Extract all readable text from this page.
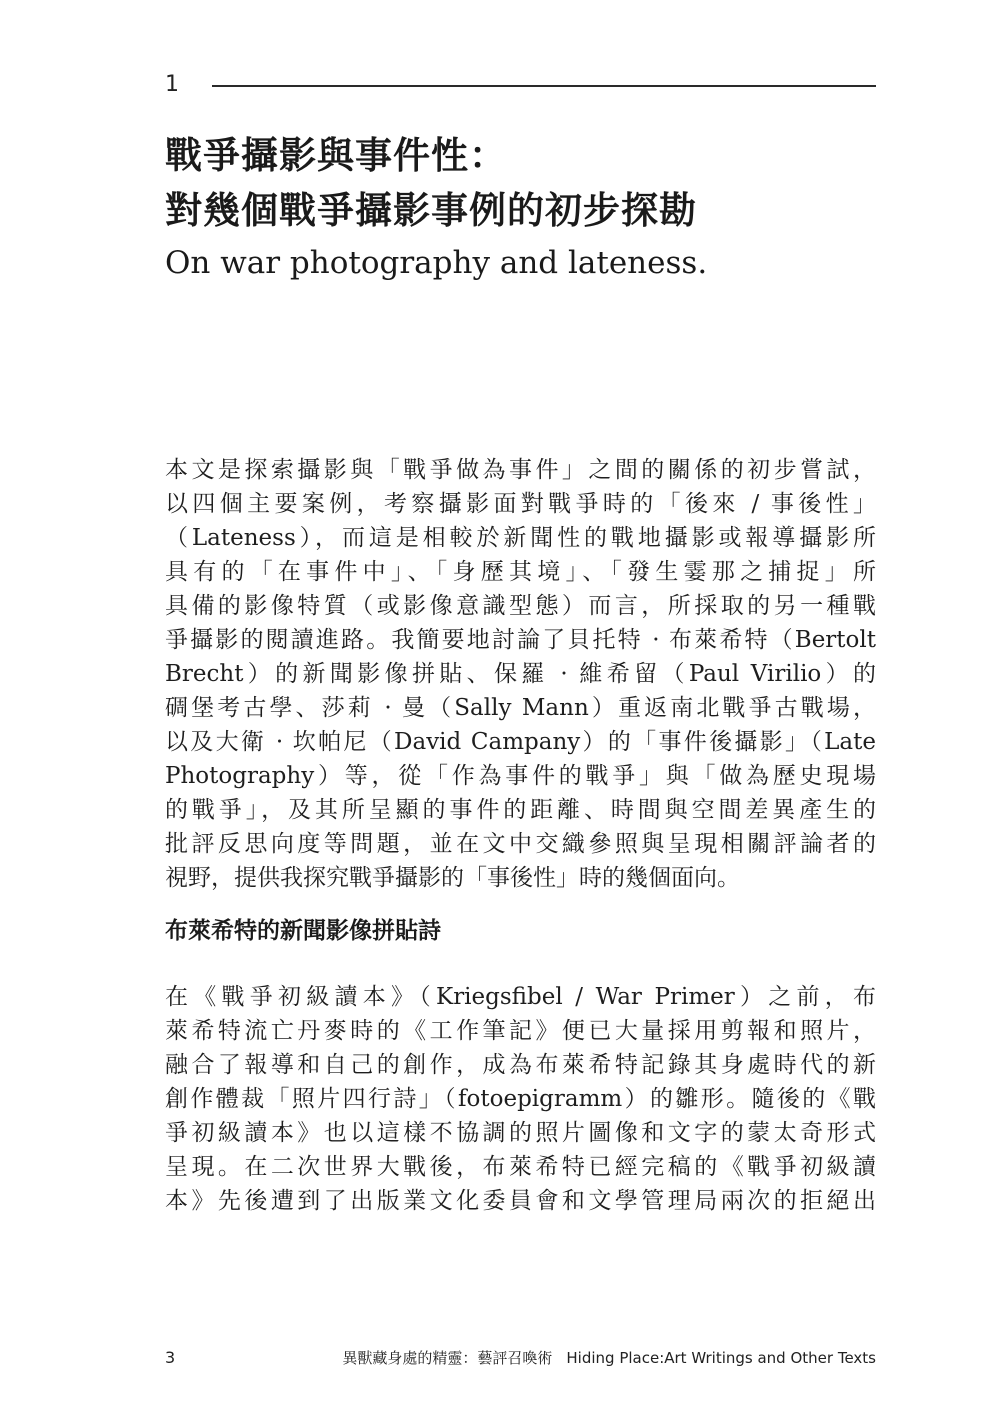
1
戰爭攝影與事件性：
對幾個戰爭攝影事例的初步探勘
On war photography and lateness.
本文是探索攝影與「戰爭做為事件」之間的關係的初步嘗試，
以四個主要案例，考察攝影面對戰爭時的「後來 / 事後性」
（Lateness），而這是相較於新聞性的戰地攝影或報導攝影所
具有的「在事件中」、「身歷其境」、「發生霎那之捕捉」所
具備的影像特質（或影像意識型態）而言，所採取的另一種戰
爭攝影的閱讀進路。我簡要地討論了貝托特 · 布萊希特（Bertolt
Brecht）的新聞影像拼貼、保羅 · 維希留（Paul Virilio）的
碉堡考古學、莎莉 · 曼（Sally Mann）重返南北戰爭古戰場，
以及大衛 · 坎帕尼（David Campany）的「事件後攝影」（Late
Photography）等，從「作為事件的戰爭」與「做為歷史現場
的戰爭」，及其所呈顯的事件的距離、時間與空間差異產生的
批評反思向度等問題，並在文中交織參照與呈現相關評論者的
視野，提供我探究戰爭攝影的「事後性」時的幾個面向。
布萊希特的新聞影像拼貼詩
在《戰爭初級讀本》（Kriegsfibel / War Primer）之前，布
萊希特流亡丹麥時的《工作筆記》便已大量採用剪報和照片，
融合了報導和自己的創作，成為布萊希特記錄其身處時代的新
創作體裁「照片四行詩」（fotoepigramm）的雛形。隨後的《戰
爭初級讀本》也以這樣不協調的照片圖像和文字的蒙太奇形式
呈現。在二次世界大戰後，布萊希特已經完稿的《戰爭初級讀
本》先後遭到了出版業文化委員會和文學管理局兩次的拒絕出
3	異獸藏身處的精靈：藝評召喚術 Hiding Place:Art Writings and Other Texts
